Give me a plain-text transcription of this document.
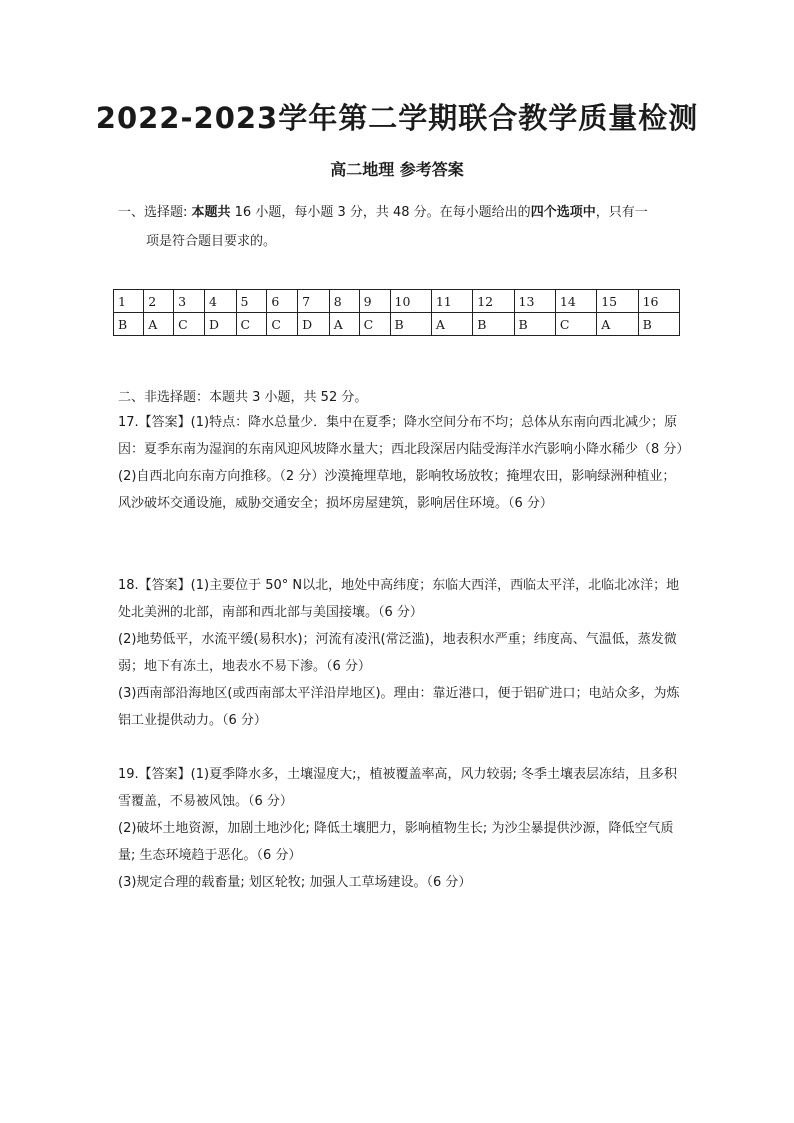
2022-2023学年第二学期联合教学质量检测
高二地理 参考答案
一、选择题: 本题共 16 小题，每小题 3 分，共 48 分。在每小题给出的四个选项中，只有一
项是符合题目要求的。
1	2	3	4	5	6	7	8	9	10	11	12	13	14	15	16
B	A	C	D	C	C	D	A	C	B	A	B	B	C	A	B
二、非选择题：本题共 3 小题，共 52 分。

17.【答案】(1)特点：降水总量少．集中在夏季；降水空间分布不均；总体从东南向西北减少；原因：夏季东南为湿润的东南风迎风坡降水量大；西北段深居内陆受海洋水汽影响小降水稀少（8 分）

(2)自西北向东南方向推移。（2 分）沙漠掩埋草地，影响牧场放牧；掩埋农田，影响绿洲种植业；风沙破坏交通设施，威胁交通安全；损坏房屋建筑，影响居住环境。（6 分）

18.【答案】(1)主要位于 50° N以北，地处中高纬度；东临大西洋，西临太平洋，北临北冰洋；地处北美洲的北部，南部和西北部与美国接壤。（6 分）

(2)地势低平，水流平缓(易积水)；河流有凌汛(常泛滥)，地表积水严重；纬度高、气温低，蒸发微弱；地下有冻土，地表水不易下渗。（6 分）

(3)西南部沿海地区(或西南部太平洋沿岸地区)。理由：靠近港口，便于铝矿进口；电站众多，为炼铝工业提供动力。（6 分）

19.【答案】(1)夏季降水多，土壤湿度大;，植被覆盖率高，风力较弱; 冬季土壤表层冻结，且多积雪覆盖，不易被风蚀。（6 分）

(2)破坏土地资源，加剧土地沙化; 降低土壤肥力，影响植物生长; 为沙尘暴提供沙源，降低空气质量; 生态环境趋于恶化。（6 分）

(3)规定合理的载畜量; 划区轮牧; 加强人工草场建设。（6 分）
